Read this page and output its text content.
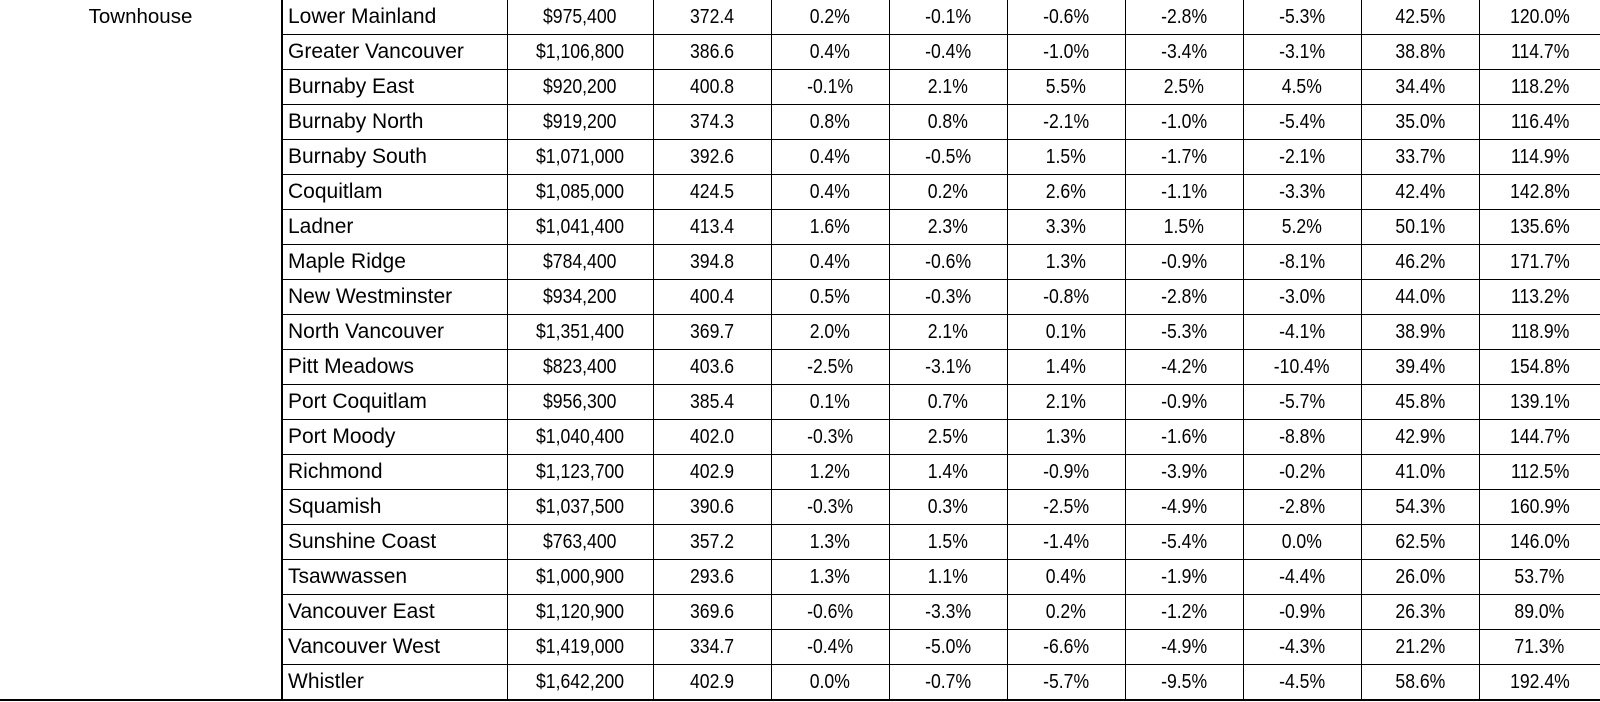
Townhouse	Lower Mainland	$975,400	372.4	0.2%	-0.1%	-0.6%	-2.8%	-5.3%	42.5%	120.0%
	Greater Vancouver	$1,106,800	386.6	0.4%	-0.4%	-1.0%	-3.4%	-3.1%	38.8%	114.7%
	Burnaby East	$920,200	400.8	-0.1%	2.1%	5.5%	2.5%	4.5%	34.4%	118.2%
	Burnaby North	$919,200	374.3	0.8%	0.8%	-2.1%	-1.0%	-5.4%	35.0%	116.4%
	Burnaby South	$1,071,000	392.6	0.4%	-0.5%	1.5%	-1.7%	-2.1%	33.7%	114.9%
	Coquitlam	$1,085,000	424.5	0.4%	0.2%	2.6%	-1.1%	-3.3%	42.4%	142.8%
	Ladner	$1,041,400	413.4	1.6%	2.3%	3.3%	1.5%	5.2%	50.1%	135.6%
	Maple Ridge	$784,400	394.8	0.4%	-0.6%	1.3%	-0.9%	-8.1%	46.2%	171.7%
	New Westminster	$934,200	400.4	0.5%	-0.3%	-0.8%	-2.8%	-3.0%	44.0%	113.2%
	North Vancouver	$1,351,400	369.7	2.0%	2.1%	0.1%	-5.3%	-4.1%	38.9%	118.9%
	Pitt Meadows	$823,400	403.6	-2.5%	-3.1%	1.4%	-4.2%	-10.4%	39.4%	154.8%
	Port Coquitlam	$956,300	385.4	0.1%	0.7%	2.1%	-0.9%	-5.7%	45.8%	139.1%
	Port Moody	$1,040,400	402.0	-0.3%	2.5%	1.3%	-1.6%	-8.8%	42.9%	144.7%
	Richmond	$1,123,700	402.9	1.2%	1.4%	-0.9%	-3.9%	-0.2%	41.0%	112.5%
	Squamish	$1,037,500	390.6	-0.3%	0.3%	-2.5%	-4.9%	-2.8%	54.3%	160.9%
	Sunshine Coast	$763,400	357.2	1.3%	1.5%	-1.4%	-5.4%	0.0%	62.5%	146.0%
	Tsawwassen	$1,000,900	293.6	1.3%	1.1%	0.4%	-1.9%	-4.4%	26.0%	53.7%
	Vancouver East	$1,120,900	369.6	-0.6%	-3.3%	0.2%	-1.2%	-0.9%	26.3%	89.0%
	Vancouver West	$1,419,000	334.7	-0.4%	-5.0%	-6.6%	-4.9%	-4.3%	21.2%	71.3%
	Whistler	$1,642,200	402.9	0.0%	-0.7%	-5.7%	-9.5%	-4.5%	58.6%	192.4%
